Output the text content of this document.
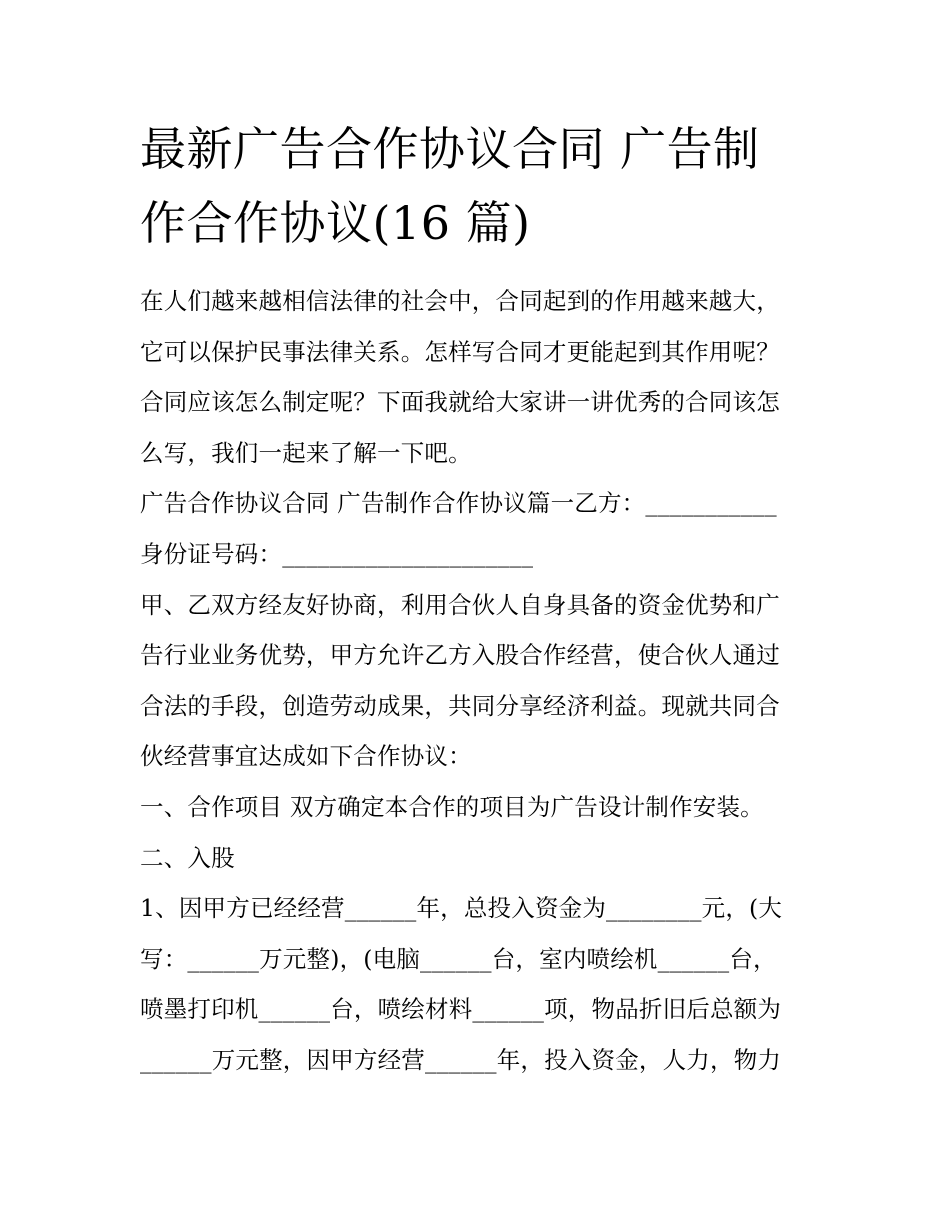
最新广告合作协议合同 广告制
作合作协议(16 篇)

在人们越来越相信法律的社会中，合同起到的作用越来越大，

它可以保护民事法律关系。怎样写合同才更能起到其作用呢？

合同应该怎么制定呢？下面我就给大家讲一讲优秀的合同该怎

么写，我们一起来了解一下吧。

广告合作协议合同 广告制作合作协议篇一乙方：___________

身份证号码：_____________________

甲、乙双方经友好协商，利用合伙人自身具备的资金优势和广

告行业业务优势，甲方允许乙方入股合作经营，使合伙人通过

合法的手段，创造劳动成果，共同分享经济利益。现就共同合

伙经营事宜达成如下合作协议：

一、合作项目 双方确定本合作的项目为广告设计制作安装。

二、入股

1、因甲方已经经营______年，总投入资金为________元，(大

写：______万元整)，(电脑______台，室内喷绘机______台，

喷墨打印机______台，喷绘材料______项，物品折旧后总额为

______万元整，因甲方经营______年，投入资金，人力，物力
